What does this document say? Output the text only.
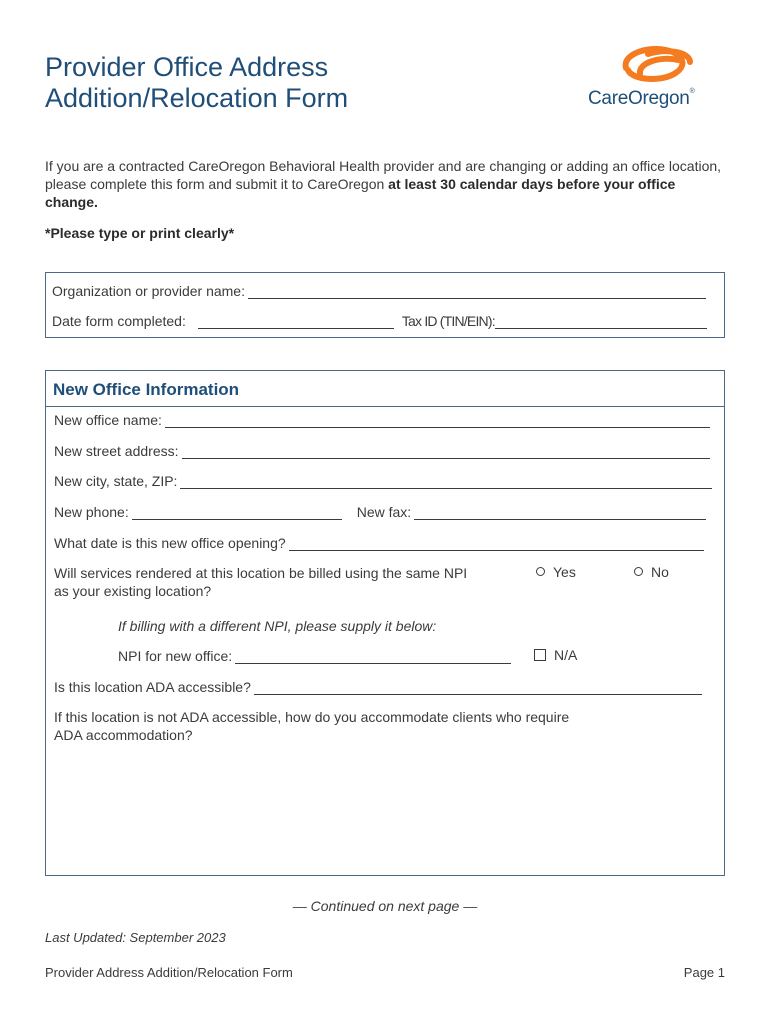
Provider Office Address
Addition/Relocation Form	CareOregon®
If you are a contracted CareOregon Behavioral Health provider and are changing or adding an office location, please complete this form and submit it to CareOregon at least 30 calendar days before your office change.
*Please type or print clearly*
Organization or provider name:
Date form completed:	Tax ID (TIN/EIN):
New Office Information
New office name:
New street address:
New city, state, ZIP:
New phone:	New fax:
What date is this new office opening?
Will services rendered at this location be billed using the same NPI
as your existing location?
Yes	No
If billing with a different NPI, please supply it below:
NPI for new office:	N/A
Is this location ADA accessible?
If this location is not ADA accessible, how do you accommodate clients who require
ADA accommodation?
— Continued on next page —
Last Updated: September 2023
Provider Address Addition/Relocation Form	Page 1
